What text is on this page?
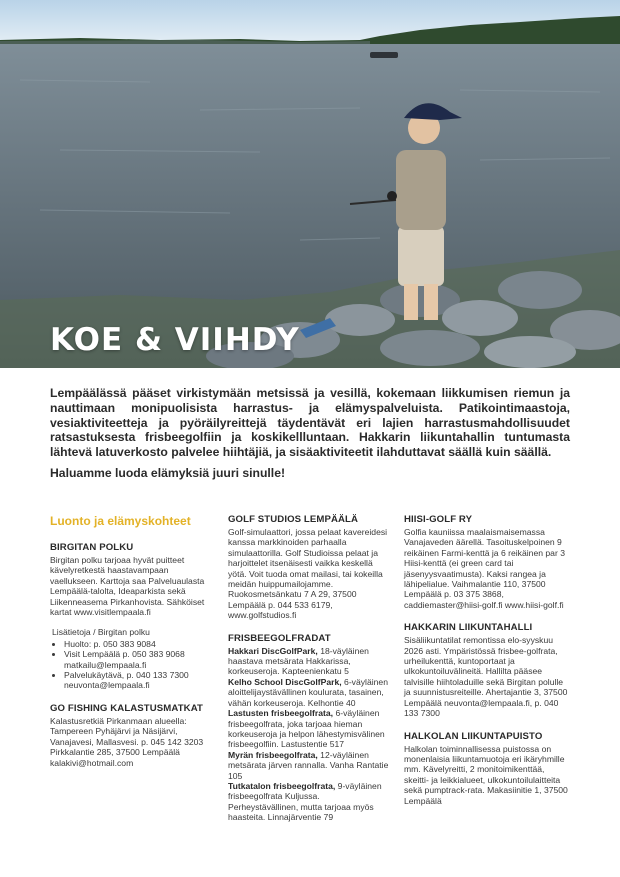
KOE & VIIHDY

Lempäälässä pääset virkistymään metsissä ja vesillä, kokemaan liikkumisen riemun ja nauttimaan monipuolisista harrastus- ja elämyspalveluista. Patikointimaastoja, vesiaktiviteetteja ja pyöräilyreittejä täydentävät eri lajien harrastusmahdollisuudet ratsastuksesta frisbeegolfiin ja koskikellluntaan. Hakkarin liikuntahallin tuntumasta lähtevä latuverkosto palvelee hiihtäjiä, ja sisäaktiviteetit ilahduttavat säällä kuin säällä.

Haluamme luoda elämyksiä juuri sinulle!

Luonto ja elämyskohteet

BIRGITAN POLKU

Birgitan polku tarjoaa hyvät puitteet kävelyretkestä haastavampaan vaellukseen. Karttoja saa Palveluaulasta Lempäälä-talolta, Ideaparkista sekä Liikenneasema Pirkanhovista. Sähköiset kartat www.visitlempaala.fi

Lisätietoja / Birgitan polku

• Huolto: p. 050 383 9084
• Visit Lempäälä p. 050 383 9068 matkailu@lempaala.fi
• Palvelukäytävä, p. 040 133 7300 neuvonta@lempaala.fi

GO FISHING KALASTUSMATKAT

Kalastusretkiä Pirkanmaan alueella: Tampereen Pyhäjärvi ja Näsijärvi, Vanajavesi, Mallasvesi. p. 045 142 3203 Pirkkalantie 285, 37500 Lempäälä kalakivi@hotmail.com

GOLF STUDIOS LEMPÄÄLÄ

Golf-simulaattori, jossa pelaat kavereidesi kanssa markkinoiden parhaalla simulaattorilla. Golf Studioissa pelaat ja harjoittelet itsenäisesti vaikka keskellä yötä. Voit tuoda omat mailasi, tai kokeilla meidän huippumailojamme. Ruokosmetsänkatu 7 A 29, 37500 Lempäälä p. 044 533 6179, www.golfstudios.fi

FRISBEEGOLFRADAT

Hakkari DiscGolfPark, 18-väyläinen haastava metsärata Hakkarissa, korkeuseroja. Kapteenienkatu 5

Kelho School DiscGolfPark, 6-väyläinen aloittelijaystävällinen koulurata, tasainen, vähän korkeuseroja. Kelhontie 40

Lastusten frisbeegolfrata, 6-väyläinen frisbeegolfrata, joka tarjoaa hieman korkeuseroja ja helpon lähestymisvälinen frisbeegolfiin. Lastustentie 517

Myrän frisbeegolfrata, 12-väyläinen metsärata järven rannalla. Vanha Rantatie 105

Tutkatalon frisbeegolfrata, 9-väyläinen frisbeegolfrata Kuljussa. Perheystävällinen, mutta tarjoaa myös haasteita. Linnajärventie 79

HIISI-GOLF RY

Golfia kauniissa maalaismaisemassa Vanajaveden äärellä. Tasoituskelpoinen 9 reikäinen Farmi-kenttä ja 6 reikäinen par 3 Hiisi-kenttä (ei green card tai jäsenyysvaatimusta). Kaksi rangea ja lähipelialue. Vaihmalantie 110, 37500 Lempäälä p. 03 375 3868, caddiemaster@hiisi-golf.fi www.hiisi-golf.fi

HAKKARIN LIIKUNTAHALLI

Sisäliikuntatilat remontissa elo-syyskuu 2026 asti. Ympäristössä frisbee-golfrata, urheilukenttä, kuntoportaat ja ulkokuntoiluvälineitä. Hallilta pääsee talvisille hiihtoladuille sekä Birgitan polulle ja suunnistusreiteille. Ahertajantie 3, 37500 Lempäälä neuvonta@lempaala.fi, p. 040 133 7300

HALKOLAN LIIKUNTAPUISTO

Halkolan toiminnallisessa puistossa on monenlaisia liikuntamuotoja eri ikäryhmille mm. Kävelyreitti, 2 monitoimikenttää, skeitti- ja leikkialueet, ulkokuntoilulaitteita sekä pumptrack-rata. Makasiinitie 1, 37500 Lempäälä
